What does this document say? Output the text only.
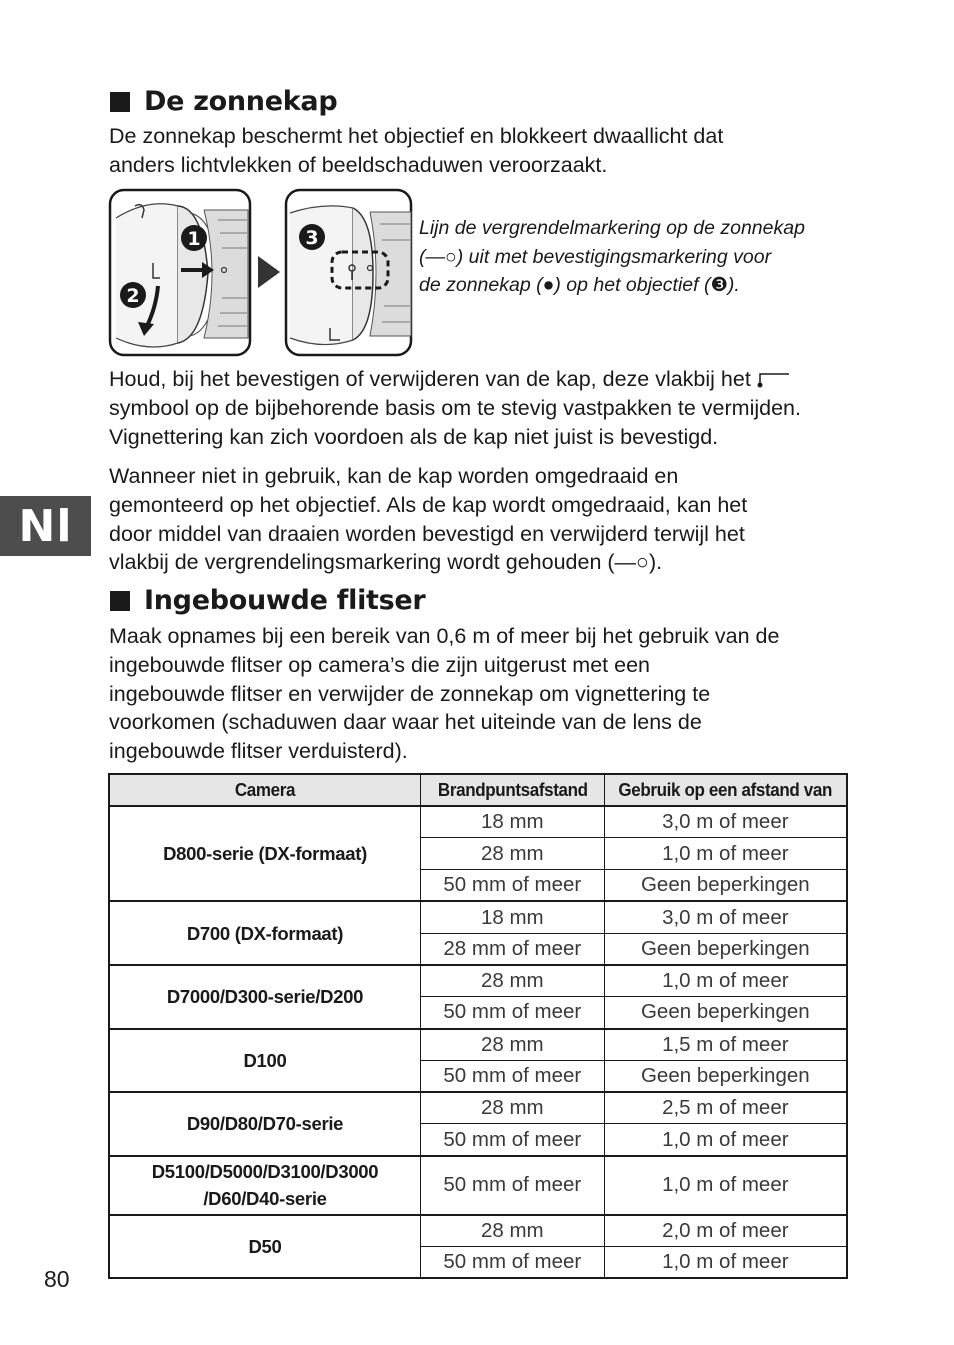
De zonnekap
De zonnekap beschermt het objectief en blokkeert dwaallicht dat
anders lichtvlekken of beeldschaduwen veroorzaakt.
1
2
3	Lijn de vergrendelmarkering op de zonnekap
(—○) uit met bevestigingsmarkering voor
de zonnekap (●) op het objectief (❸).
Houd, bij het bevestigen of verwijderen van de kap, deze vlakbij het
symbool op de bijbehorende basis om te stevig vastpakken te vermijden.
Vignettering kan zich voordoen als de kap niet juist is bevestigd.
Wanneer niet in gebruik, kan de kap worden omgedraaid en
gemonteerd op het objectief. Als de kap wordt omgedraaid, kan het
door middel van draaien worden bevestigd en verwijderd terwijl het
vlakbij de vergrendelingsmarkering wordt gehouden (—○).
Nl
Ingebouwde flitser
Maak opnames bij een bereik van 0,6 m of meer bij het gebruik van de
ingebouwde flitser op camera’s die zijn uitgerust met een
ingebouwde flitser en verwijder de zonnekap om vignettering te
voorkomen (schaduwen daar waar het uiteinde van de lens de
ingebouwde flitser verduisterd).
Camera	Brandpuntsafstand	Gebruik op een afstand van
D800-serie (DX-formaat)	18 mm	3,0 m of meer
	28 mm	1,0 m of meer
	50 mm of meer	Geen beperkingen
D700 (DX-formaat)	18 mm	3,0 m of meer
	28 mm of meer	Geen beperkingen
D7000/D300-serie/D200	28 mm	1,0 m of meer
	50 mm of meer	Geen beperkingen
D100	28 mm	1,5 m of meer
	50 mm of meer	Geen beperkingen
D90/D80/D70-serie	28 mm	2,5 m of meer
	50 mm of meer	1,0 m of meer

D5100/D5000/D3100/D3000
/D60/D40-serie	50 mm of meer	1,0 m of meer
D50	28 mm	2,0 m of meer
	50 mm of meer	1,0 m of meer
80
